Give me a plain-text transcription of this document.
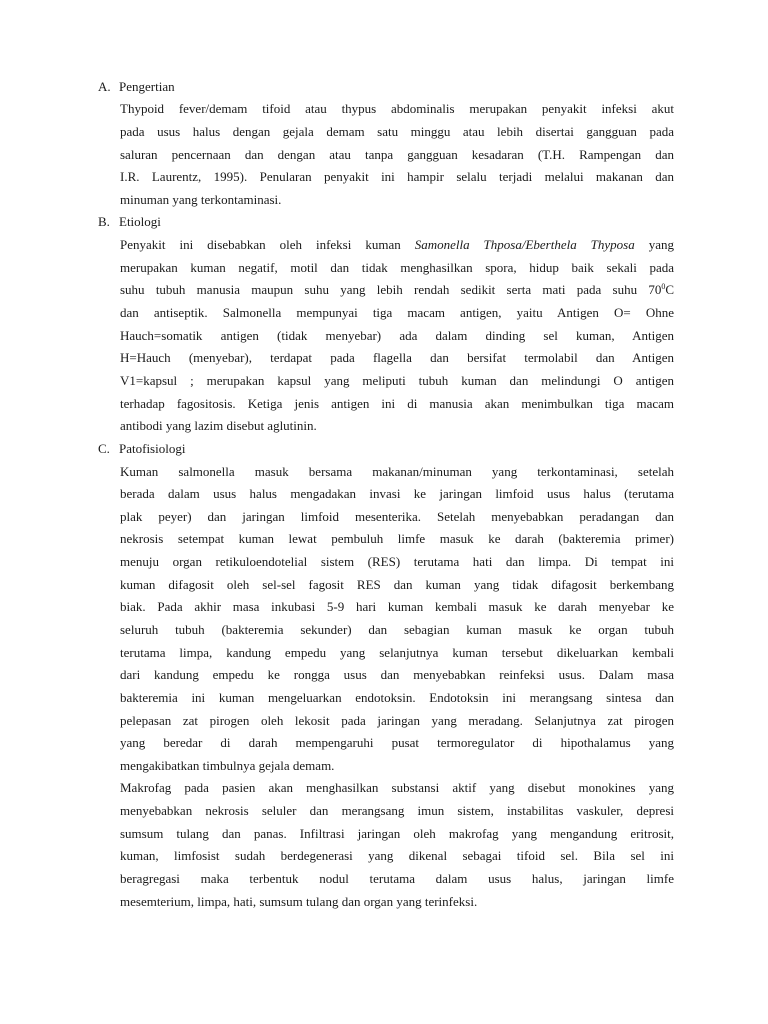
A. Pengertian
Thypoid fever/demam tifoid atau thypus abdominalis merupakan penyakit infeksi akut
pada usus halus dengan gejala demam satu minggu atau lebih disertai gangguan pada
saluran pencernaan dan dengan atau tanpa gangguan kesadaran (T.H. Rampengan dan
I.R. Laurentz, 1995). Penularan penyakit ini hampir selalu terjadi melalui makanan dan
minuman yang terkontaminasi.
B. Etiologi
Penyakit ini disebabkan oleh infeksi kuman Samonella Thposa/Eberthela Thyposa yang
merupakan kuman negatif, motil dan tidak menghasilkan spora, hidup baik sekali pada
suhu tubuh manusia maupun suhu yang lebih rendah sedikit serta mati pada suhu $70^0C$
dan antiseptik. Salmonella mempunyai tiga macam antigen, yaitu Antigen O= Ohne
Hauch=somatik antigen (tidak menyebar) ada dalam dinding sel kuman, Antigen
H=Hauch (menyebar), terdapat pada flagella dan bersifat termolabil dan Antigen
V1=kapsul ; merupakan kapsul yang meliputi tubuh kuman dan melindungi O antigen
terhadap fagositosis. Ketiga jenis antigen ini di manusia akan menimbulkan tiga macam
antibodi yang lazim disebut aglutinin.
C. Patofisiologi
Kuman salmonella masuk bersama makanan/minuman yang terkontaminasi, setelah
berada dalam usus halus mengadakan invasi ke jaringan limfoid usus halus (terutama
plak peyer) dan jaringan limfoid mesenterika. Setelah menyebabkan peradangan dan
nekrosis setempat kuman lewat pembuluh limfe masuk ke darah (bakteremia primer)
menuju organ retikuloendotelial sistem (RES) terutama hati dan limpa. Di tempat ini
kuman difagosit oleh sel-sel fagosit RES dan kuman yang tidak difagosit berkembang
biak. Pada akhir masa inkubasi 5-9 hari kuman kembali masuk ke darah menyebar ke
seluruh tubuh (bakteremia sekunder) dan sebagian kuman masuk ke organ tubuh
terutama limpa, kandung empedu yang selanjutnya kuman tersebut dikeluarkan kembali
dari kandung empedu ke rongga usus dan menyebabkan reinfeksi usus. Dalam masa
bakteremia ini kuman mengeluarkan endotoksin. Endotoksin ini merangsang sintesa dan
pelepasan zat pirogen oleh lekosit pada jaringan yang meradang. Selanjutnya zat pirogen
yang beredar di darah mempengaruhi pusat termoregulator di hipothalamus yang
mengakibatkan timbulnya gejala demam.
Makrofag pada pasien akan menghasilkan substansi aktif yang disebut monokines yang
menyebabkan nekrosis seluler dan merangsang imun sistem, instabilitas vaskuler, depresi
sumsum tulang dan panas. Infiltrasi jaringan oleh makrofag yang mengandung eritrosit,
kuman, limfosist sudah berdegenerasi yang dikenal sebagai tifoid sel. Bila sel ini
beragregasi maka terbentuk nodul terutama dalam usus halus, jaringan limfe
mesemterium, limpa, hati, sumsum tulang dan organ yang terinfeksi.
